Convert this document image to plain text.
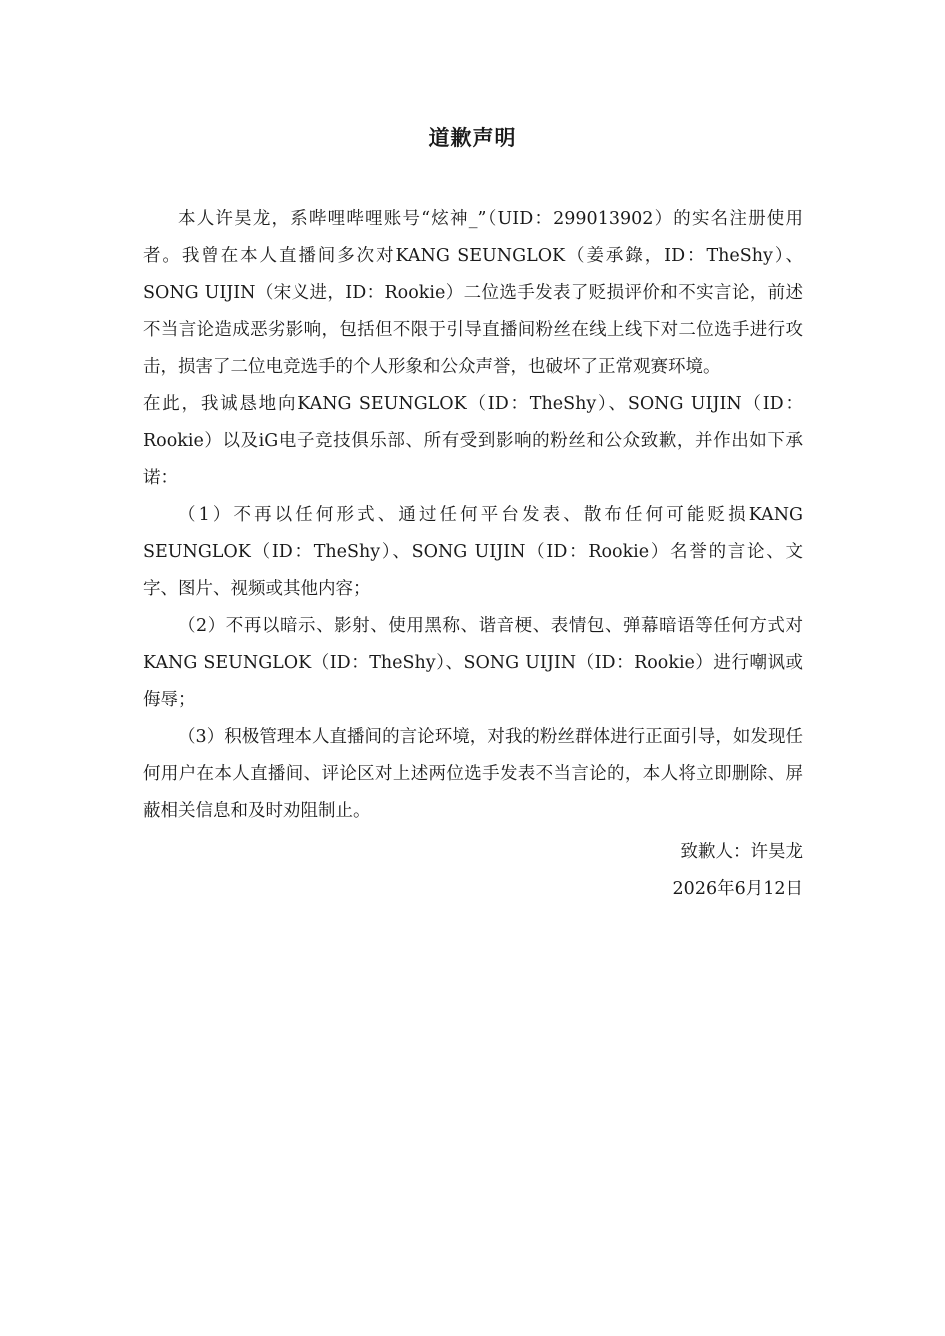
道歉声明

本人许昊龙，系哔哩哔哩账号“炫神_”（UID：299013902）的实名注册使用者。我曾在本人直播间多次对KANG SEUNGLOK（姜承錄，ID：TheShy）、SONG UIJIN（宋义进，ID：Rookie）二位选手发表了贬损评价和不实言论，前述不当言论造成恶劣影响，包括但不限于引导直播间粉丝在线上线下对二位选手进行攻击，损害了二位电竞选手的个人形象和公众声誉，也破坏了正常观赛环境。

在此，我诚恳地向KANG SEUNGLOK（ID：TheShy）、SONG UIJIN（ID：Rookie）以及iG电子竞技俱乐部、所有受到影响的粉丝和公众致歉，并作出如下承诺：

（1）不再以任何形式、通过任何平台发表、散布任何可能贬损KANG SEUNGLOK（ID：TheShy）、SONG UIJIN（ID：Rookie）名誉的言论、文字、图片、视频或其他内容；

（2）不再以暗示、影射、使用黑称、谐音梗、表情包、弹幕暗语等任何方式对KANG SEUNGLOK（ID：TheShy）、SONG UIJIN（ID：Rookie）进行嘲讽或侮辱；

（3）积极管理本人直播间的言论环境，对我的粉丝群体进行正面引导，如发现任何用户在本人直播间、评论区对上述两位选手发表不当言论的，本人将立即删除、屏蔽相关信息和及时劝阻制止。

致歉人：许昊龙

2026年6月12日
